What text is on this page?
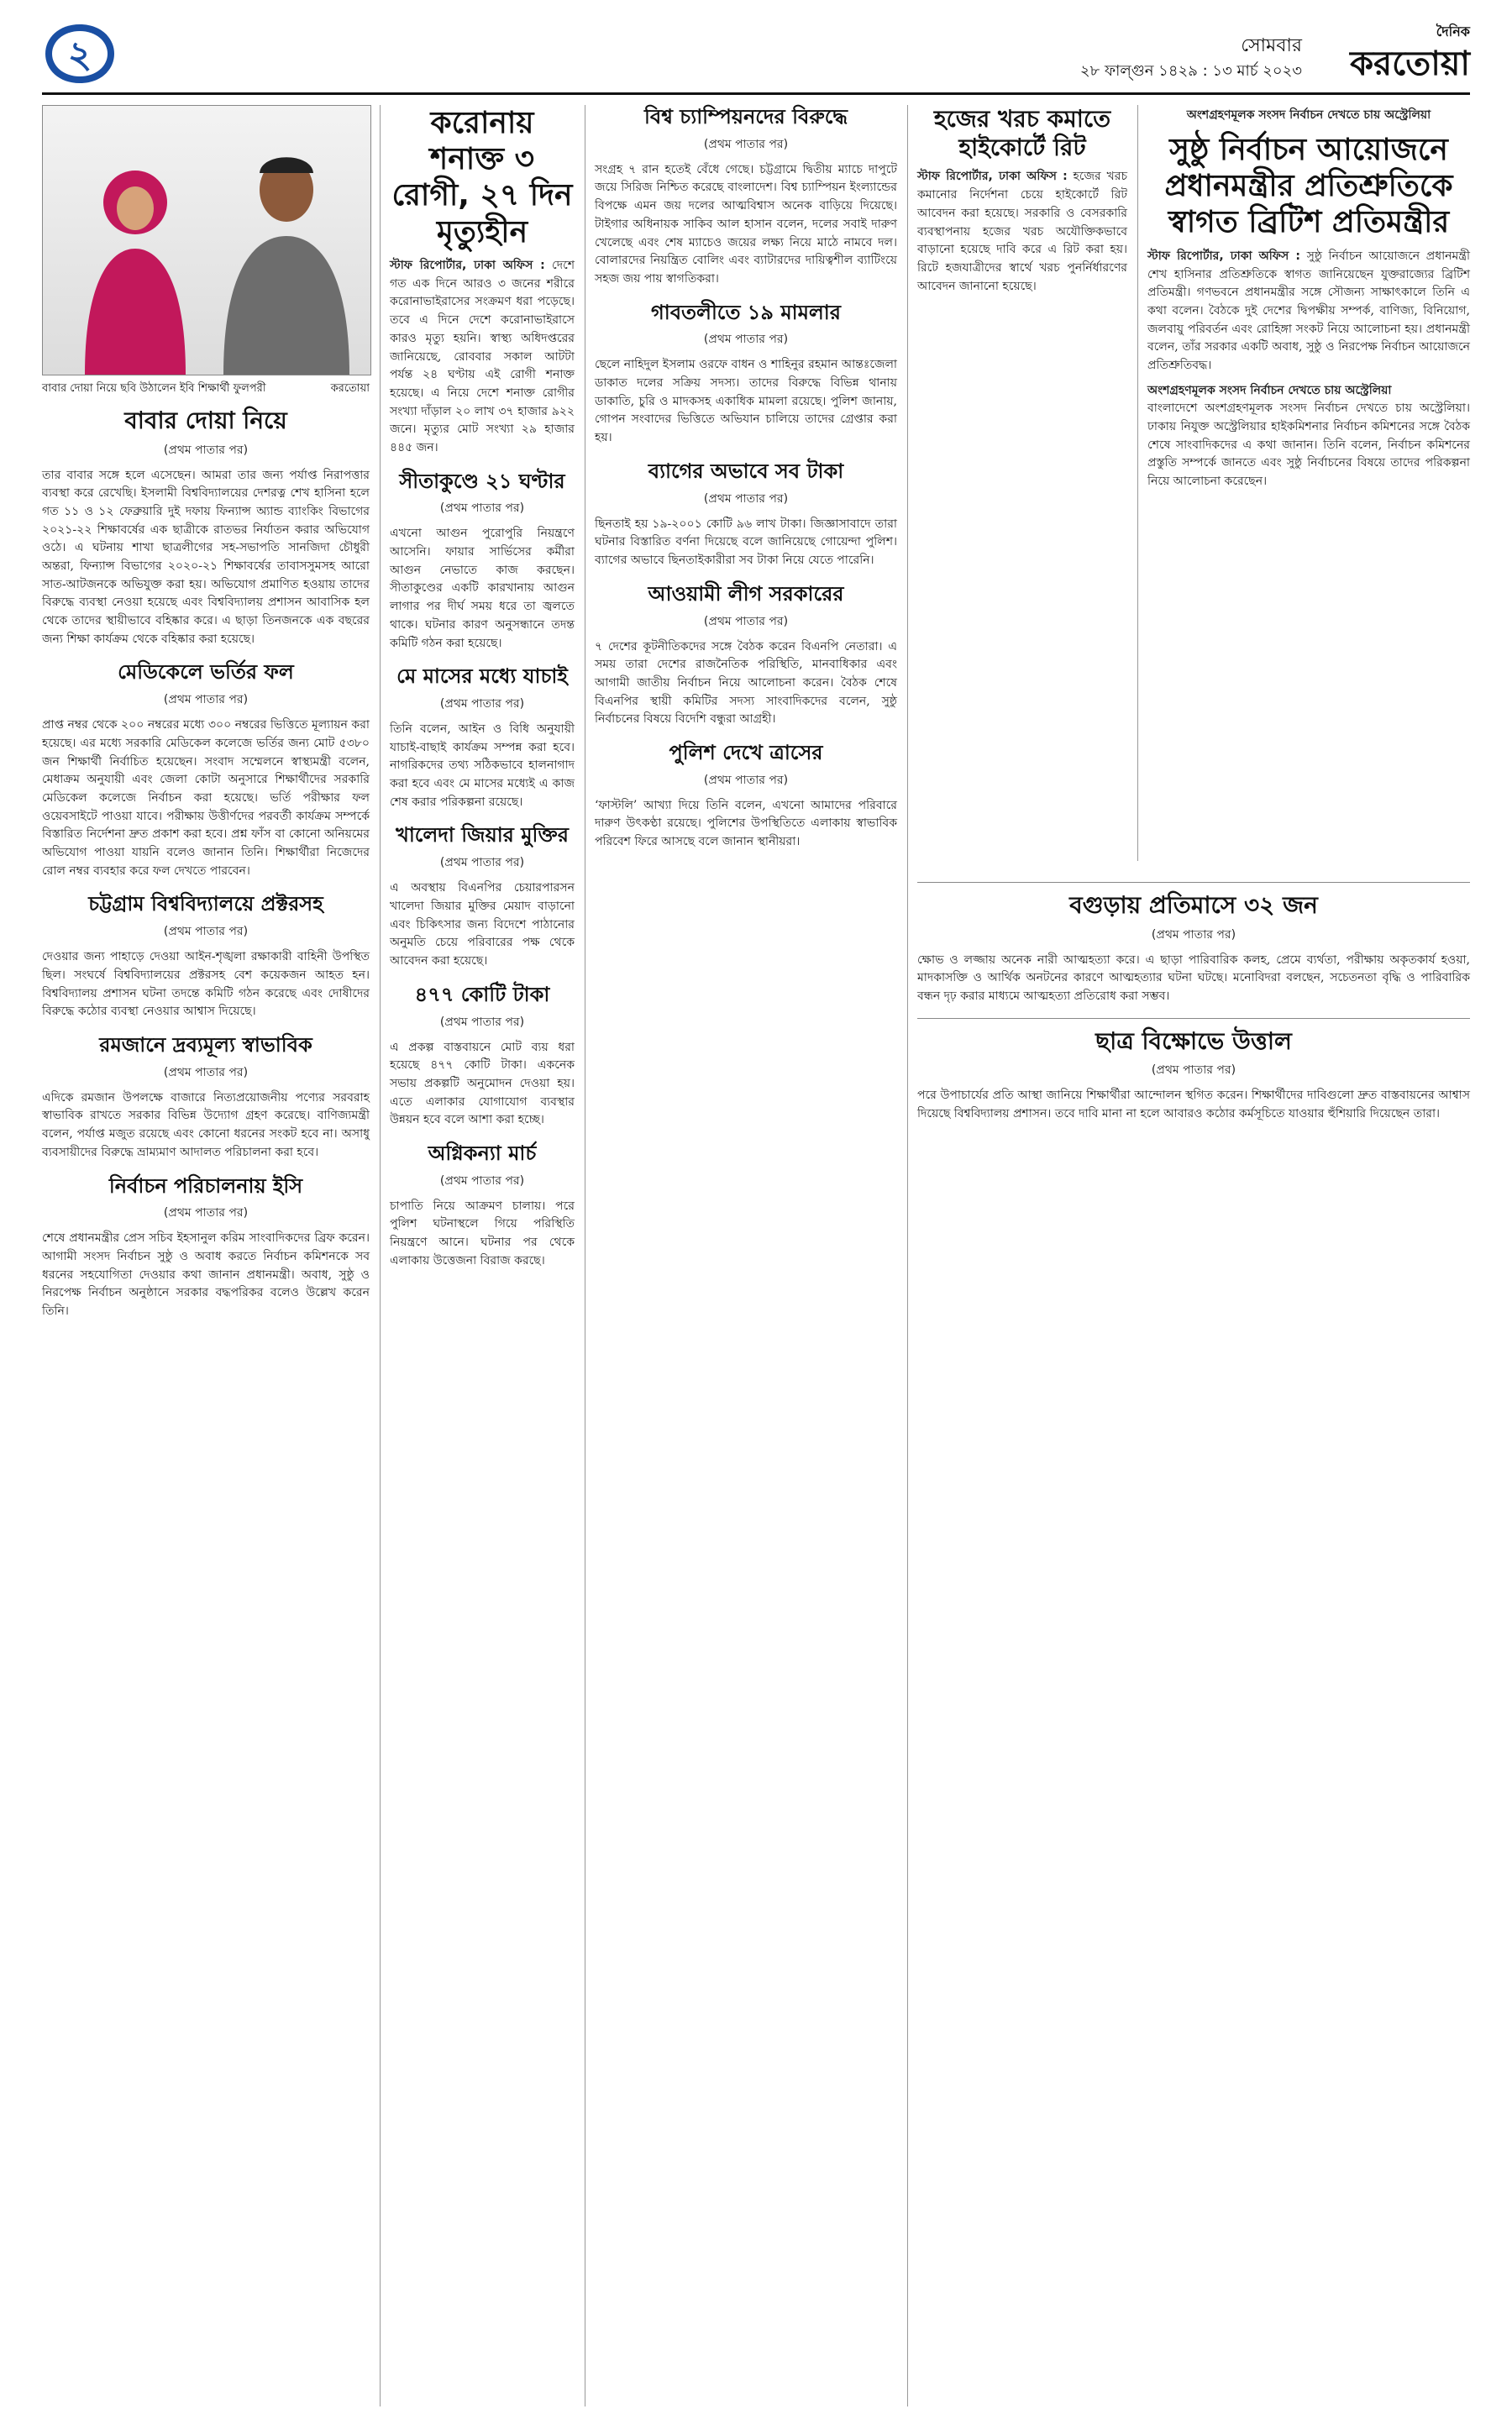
২	সোমবার
২৮ ফাল্গুন ১৪২৯ : ১৩ মার্চ ২০২৩
দৈনিক
করতোয়া
বাবার দোয়া নিয়ে ছবি উঠালেন ইবি শিক্ষার্থী ফুলপরী	করতোয়া
বাবার দোয়া নিয়ে

(প্রথম পাতার পর)

তার বাবার সঙ্গে হলে এসেছেন। আমরা তার জন্য পর্যাপ্ত নিরাপত্তার ব্যবস্থা করে রেখেছি। ইসলামী বিশ্ববিদ্যালয়ের দেশরত্ন শেখ হাসিনা হলে গত ১১ ও ১২ ফেব্রুয়ারি দুই দফায় ফিন্যান্স অ্যান্ড ব্যাংকিং বিভাগের ২০২১-২২ শিক্ষাবর্ষের এক ছাত্রীকে রাতভর নির্যাতন করার অভিযোগ ওঠে। এ ঘটনায় শাখা ছাত্রলীগের সহ-সভাপতি সানজিদা চৌধুরী অন্তরা, ফিন্যান্স বিভাগের ২০২০-২১ শিক্ষাবর্ষের তাবাসসুমসহ আরো সাত-আটজনকে অভিযুক্ত করা হয়। অভিযোগ প্রমাণিত হওয়ায় তাদের বিরুদ্ধে ব্যবস্থা নেওয়া হয়েছে এবং বিশ্ববিদ্যালয় প্রশাসন আবাসিক হল থেকে তাদের স্থায়ীভাবে বহিষ্কার করে। এ ছাড়া তিনজনকে এক বছরের জন্য শিক্ষা কার্যক্রম থেকে বহিষ্কার করা হয়েছে।

মেডিকেলে ভর্তির ফল

(প্রথম পাতার পর)

প্রাপ্ত নম্বর থেকে ২০০ নম্বরের মধ্যে ৩০০ নম্বরের ভিত্তিতে মূল্যায়ন করা হয়েছে। এর মধ্যে সরকারি মেডিকেল কলেজে ভর্তির জন্য মোট ৫৩৮০ জন শিক্ষার্থী নির্বাচিত হয়েছেন। সংবাদ সম্মেলনে স্বাস্থ্যমন্ত্রী বলেন, মেধাক্রম অনুযায়ী এবং জেলা কোটা অনুসারে শিক্ষার্থীদের সরকারি মেডিকেল কলেজে নির্বাচন করা হয়েছে। ভর্তি পরীক্ষার ফল ওয়েবসাইটে পাওয়া যাবে। পরীক্ষায় উত্তীর্ণদের পরবর্তী কার্যক্রম সম্পর্কে বিস্তারিত নির্দেশনা দ্রুত প্রকাশ করা হবে। প্রশ্ন ফাঁস বা কোনো অনিয়মের অভিযোগ পাওয়া যায়নি বলেও জানান তিনি। শিক্ষার্থীরা নিজেদের রোল নম্বর ব্যবহার করে ফল দেখতে পারবেন।

চট্টগ্রাম বিশ্ববিদ্যালয়ে প্রক্টরসহ

(প্রথম পাতার পর)

দেওয়ার জন্য পাহাড়ে দেওয়া আইন-শৃঙ্খলা রক্ষাকারী বাহিনী উপস্থিত ছিল। সংঘর্ষে বিশ্ববিদ্যালয়ের প্রক্টরসহ বেশ কয়েকজন আহত হন। বিশ্ববিদ্যালয় প্রশাসন ঘটনা তদন্তে কমিটি গঠন করেছে এবং দোষীদের বিরুদ্ধে কঠোর ব্যবস্থা নেওয়ার আশ্বাস দিয়েছে।

রমজানে দ্রব্যমূল্য স্বাভাবিক

(প্রথম পাতার পর)

এদিকে রমজান উপলক্ষে বাজারে নিত্যপ্রয়োজনীয় পণ্যের সরবরাহ স্বাভাবিক রাখতে সরকার বিভিন্ন উদ্যোগ গ্রহণ করেছে। বাণিজ্যমন্ত্রী বলেন, পর্যাপ্ত মজুত রয়েছে এবং কোনো ধরনের সংকট হবে না। অসাধু ব্যবসায়ীদের বিরুদ্ধে ভ্রাম্যমাণ আদালত পরিচালনা করা হবে।

নির্বাচন পরিচালনায় ইসি

(প্রথম পাতার পর)

শেষে প্রধানমন্ত্রীর প্রেস সচিব ইহসানুল করিম সাংবাদিকদের ব্রিফ করেন। আগামী সংসদ নির্বাচন সুষ্ঠু ও অবাধ করতে নির্বাচন কমিশনকে সব ধরনের সহযোগিতা দেওয়ার কথা জানান প্রধানমন্ত্রী। অবাধ, সুষ্ঠু ও নিরপেক্ষ নির্বাচন অনুষ্ঠানে সরকার বদ্ধপরিকর বলেও উল্লেখ করেন তিনি।

করোনায় শনাক্ত ৩ রোগী, ২৭ দিন মৃত্যুহীন

স্টাফ রিপোর্টার, ঢাকা অফিস : দেশে গত এক দিনে আরও ৩ জনের শরীরে করোনাভাইরাসের সংক্রমণ ধরা পড়েছে। তবে এ দিনে দেশে করোনাভাইরাসে কারও মৃত্যু হয়নি। স্বাস্থ্য অধিদপ্তরের জানিয়েছে, রোববার সকাল আটটা পর্যন্ত ২৪ ঘণ্টায় এই রোগী শনাক্ত হয়েছে। এ নিয়ে দেশে শনাক্ত রোগীর সংখ্যা দাঁড়াল ২০ লাখ ৩৭ হাজার ৯২২ জনে। মৃত্যুর মোট সংখ্যা ২৯ হাজার ৪৪৫ জন।

সীতাকুণ্ডে ২১ ঘণ্টার

(প্রথম পাতার পর)

এখনো আগুন পুরোপুরি নিয়ন্ত্রণে আসেনি। ফায়ার সার্ভিসের কর্মীরা আগুন নেভাতে কাজ করছেন। সীতাকুণ্ডের একটি কারখানায় আগুন লাগার পর দীর্ঘ সময় ধরে তা জ্বলতে থাকে। ঘটনার কারণ অনুসন্ধানে তদন্ত কমিটি গঠন করা হয়েছে।

মে মাসের মধ্যে যাচাই

(প্রথম পাতার পর)

তিনি বলেন, আইন ও বিধি অনুযায়ী যাচাই-বাছাই কার্যক্রম সম্পন্ন করা হবে। নাগরিকদের তথ্য সঠিকভাবে হালনাগাদ করা হবে এবং মে মাসের মধ্যেই এ কাজ শেষ করার পরিকল্পনা রয়েছে।

খালেদা জিয়ার মুক্তির

(প্রথম পাতার পর)

এ অবস্থায় বিএনপির চেয়ারপারসন খালেদা জিয়ার মুক্তির মেয়াদ বাড়ানো এবং চিকিৎসার জন্য বিদেশে পাঠানোর অনুমতি চেয়ে পরিবারের পক্ষ থেকে আবেদন করা হয়েছে।

৪৭৭ কোটি টাকা

(প্রথম পাতার পর)

এ প্রকল্প বাস্তবায়নে মোট ব্যয় ধরা হয়েছে ৪৭৭ কোটি টাকা। একনেক সভায় প্রকল্পটি অনুমোদন দেওয়া হয়। এতে এলাকার যোগাযোগ ব্যবস্থার উন্নয়ন হবে বলে আশা করা হচ্ছে।

অগ্নিকন্যা মার্চ

(প্রথম পাতার পর)

চাপাতি নিয়ে আক্রমণ চালায়। পরে পুলিশ ঘটনাস্থলে গিয়ে পরিস্থিতি নিয়ন্ত্রণে আনে। ঘটনার পর থেকে এলাকায় উত্তেজনা বিরাজ করছে।

বিশ্ব চ্যাম্পিয়নদের বিরুদ্ধে

(প্রথম পাতার পর)

সংগ্রহ ৭ রান হতেই বেঁধে গেছে। চট্টগ্রামে দ্বিতীয় ম্যাচে দাপুটে জয়ে সিরিজ নিশ্চিত করেছে বাংলাদেশ। বিশ্ব চ্যাম্পিয়ন ইংল্যান্ডের বিপক্ষে এমন জয় দলের আত্মবিশ্বাস অনেক বাড়িয়ে দিয়েছে। টাইগার অধিনায়ক সাকিব আল হাসান বলেন, দলের সবাই দারুণ খেলেছে এবং শেষ ম্যাচেও জয়ের লক্ষ্য নিয়ে মাঠে নামবে দল। বোলারদের নিয়ন্ত্রিত বোলিং এবং ব্যাটারদের দায়িত্বশীল ব্যাটিংয়ে সহজ জয় পায় স্বাগতিকরা।

গাবতলীতে ১৯ মামলার

(প্রথম পাতার পর)

ছেলে নাহিদুল ইসলাম ওরফে বাধন ও শাহিনুর রহমান আন্তঃজেলা ডাকাত দলের সক্রিয় সদস্য। তাদের বিরুদ্ধে বিভিন্ন থানায় ডাকাতি, চুরি ও মাদকসহ একাধিক মামলা রয়েছে। পুলিশ জানায়, গোপন সংবাদের ভিত্তিতে অভিযান চালিয়ে তাদের গ্রেপ্তার করা হয়।

ব্যাগের অভাবে সব টাকা

(প্রথম পাতার পর)

ছিনতাই হয় ১৯-২০০১ কোটি ৯৬ লাখ টাকা। জিজ্ঞাসাবাদে তারা ঘটনার বিস্তারিত বর্ণনা দিয়েছে বলে জানিয়েছে গোয়েন্দা পুলিশ। ব্যাগের অভাবে ছিনতাইকারীরা সব টাকা নিয়ে যেতে পারেনি।

আওয়ামী লীগ সরকারের

(প্রথম পাতার পর)

৭ দেশের কূটনীতিকদের সঙ্গে বৈঠক করেন বিএনপি নেতারা। এ সময় তারা দেশের রাজনৈতিক পরিস্থিতি, মানবাধিকার এবং আগামী জাতীয় নির্বাচন নিয়ে আলোচনা করেন। বৈঠক শেষে বিএনপির স্থায়ী কমিটির সদস্য সাংবাদিকদের বলেন, সুষ্ঠু নির্বাচনের বিষয়ে বিদেশি বন্ধুরা আগ্রহী।

পুলিশ দেখে ত্রাসের

(প্রথম পাতার পর)

‘ফাস্টলি’ আখ্যা দিয়ে তিনি বলেন, এখনো আমাদের পরিবারে দারুণ উৎকণ্ঠা রয়েছে। পুলিশের উপস্থিতিতে এলাকায় স্বাভাবিক পরিবেশ ফিরে আসছে বলে জানান স্থানীয়রা।

হজের খরচ কমাতে হাইকোর্টে রিট

স্টাফ রিপোর্টার, ঢাকা অফিস : হজের খরচ কমানোর নির্দেশনা চেয়ে হাইকোর্টে রিট আবেদন করা হয়েছে। সরকারি ও বেসরকারি ব্যবস্থাপনায় হজের খরচ অযৌক্তিকভাবে বাড়ানো হয়েছে দাবি করে এ রিট করা হয়। রিটে হজযাত্রীদের স্বার্থে খরচ পুনর্নির্ধারণের আবেদন জানানো হয়েছে।

অংশগ্রহণমূলক সংসদ নির্বাচন দেখতে চায় অস্ট্রেলিয়া

সুষ্ঠু নির্বাচন আয়োজনে প্রধানমন্ত্রীর প্রতিশ্রুতিকে স্বাগত ব্রিটিশ প্রতিমন্ত্রীর

স্টাফ রিপোর্টার, ঢাকা অফিস : সুষ্ঠু নির্বাচন আয়োজনে প্রধানমন্ত্রী শেখ হাসিনার প্রতিশ্রুতিকে স্বাগত জানিয়েছেন যুক্তরাজ্যের ব্রিটিশ প্রতিমন্ত্রী। গণভবনে প্রধানমন্ত্রীর সঙ্গে সৌজন্য সাক্ষাৎকালে তিনি এ কথা বলেন। বৈঠকে দুই দেশের দ্বিপক্ষীয় সম্পর্ক, বাণিজ্য, বিনিয়োগ, জলবায়ু পরিবর্তন এবং রোহিঙ্গা সংকট নিয়ে আলোচনা হয়। প্রধানমন্ত্রী বলেন, তাঁর সরকার একটি অবাধ, সুষ্ঠু ও নিরপেক্ষ নির্বাচন আয়োজনে প্রতিশ্রুতিবদ্ধ।

অংশগ্রহণমূলক সংসদ নির্বাচন দেখতে চায় অস্ট্রেলিয়া

বাংলাদেশে অংশগ্রহণমূলক সংসদ নির্বাচন দেখতে চায় অস্ট্রেলিয়া। ঢাকায় নিযুক্ত অস্ট্রেলিয়ার হাইকমিশনার নির্বাচন কমিশনের সঙ্গে বৈঠক শেষে সাংবাদিকদের এ কথা জানান। তিনি বলেন, নির্বাচন কমিশনের প্রস্তুতি সম্পর্কে জানতে এবং সুষ্ঠু নির্বাচনের বিষয়ে তাদের পরিকল্পনা নিয়ে আলোচনা করেছেন।

বগুড়ায় প্রতিমাসে ৩২ জন

(প্রথম পাতার পর)

ক্ষোভ ও লজ্জায় অনেক নারী আত্মহত্যা করে। এ ছাড়া পারিবারিক কলহ, প্রেমে ব্যর্থতা, পরীক্ষায় অকৃতকার্য হওয়া, মাদকাসক্তি ও আর্থিক অনটনের কারণে আত্মহত্যার ঘটনা ঘটছে। মনোবিদরা বলছেন, সচেতনতা বৃদ্ধি ও পারিবারিক বন্ধন দৃঢ় করার মাধ্যমে আত্মহত্যা প্রতিরোধ করা সম্ভব।

ছাত্র বিক্ষোভে উত্তাল

(প্রথম পাতার পর)

পরে উপাচার্যের প্রতি আস্থা জানিয়ে শিক্ষার্থীরা আন্দোলন স্থগিত করেন। শিক্ষার্থীদের দাবিগুলো দ্রুত বাস্তবায়নের আশ্বাস দিয়েছে বিশ্ববিদ্যালয় প্রশাসন। তবে দাবি মানা না হলে আবারও কঠোর কর্মসূচিতে যাওয়ার হুঁশিয়ারি দিয়েছেন তারা।
